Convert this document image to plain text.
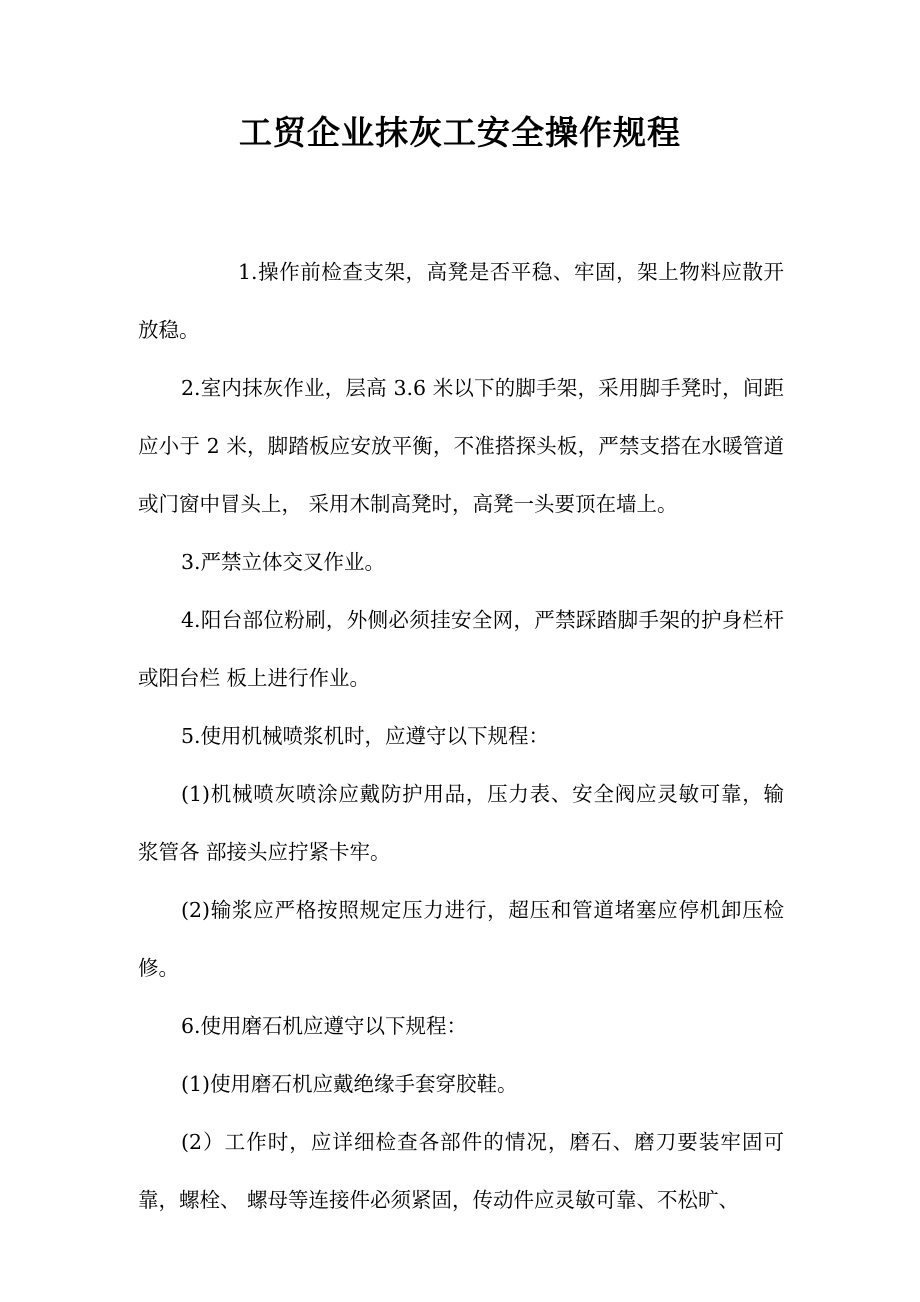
工贸企业抹灰工安全操作规程

1.操作前检查支架，高凳是否平稳、牢固，架上物料应散开放稳。

2.室内抹灰作业，层高 3.6 米以下的脚手架，采用脚手凳时，间距应小于 2 米，脚踏板应安放平衡，不准搭探头板，严禁支搭在水暖管道或门窗中冒头上， 采用木制高凳时，高凳一头要顶在墙上。

3.严禁立体交叉作业。

4.阳台部位粉刷，外侧必须挂安全网，严禁踩踏脚手架的护身栏杆或阳台栏 板上进行作业。

5.使用机械喷浆机时，应遵守以下规程：

(1)机械喷灰喷涂应戴防护用品，压力表、安全阀应灵敏可靠，输浆管各 部接头应拧紧卡牢。

(2)输浆应严格按照规定压力进行，超压和管道堵塞应停机卸压检修。

6.使用磨石机应遵守以下规程：

(1)使用磨石机应戴绝缘手套穿胶鞋。

(2）工作时，应详细检查各部件的情况，磨石、磨刀要装牢固可靠，螺栓、 螺母等连接件必须紧固，传动件应灵敏可靠、不松旷、
